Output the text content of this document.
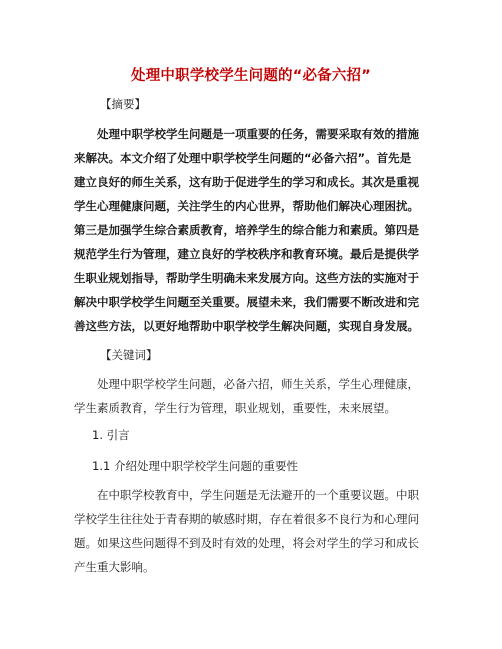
处理中职学校学生问题的“必备六招”
【摘要】

处理中职学校学生问题是一项重要的任务，需要采取有效的措施
来解决。本文介绍了处理中职学校学生问题的“必备六招”。首先是
建立良好的师生关系，这有助于促进学生的学习和成长。其次是重视
学生心理健康问题，关注学生的内心世界，帮助他们解决心理困扰。
第三是加强学生综合素质教育，培养学生的综合能力和素质。第四是
规范学生行为管理，建立良好的学校秩序和教育环境。最后是提供学
生职业规划指导，帮助学生明确未来发展方向。这些方法的实施对于
解决中职学校学生问题至关重要。展望未来，我们需要不断改进和完
善这些方法，以更好地帮助中职学校学生解决问题，实现自身发展。

【关键词】

处理中职学校学生问题，必备六招，师生关系，学生心理健康，
学生素质教育，学生行为管理，职业规划，重要性，未来展望。

1. 引言
1.1 介绍处理中职学校学生问题的重要性

在中职学校教育中，学生问题是无法避开的一个重要议题。中职
学校学生往往处于青春期的敏感时期，存在着很多不良行为和心理问
题。如果这些问题得不到及时有效的处理，将会对学生的学习和成长
产生重大影响。
